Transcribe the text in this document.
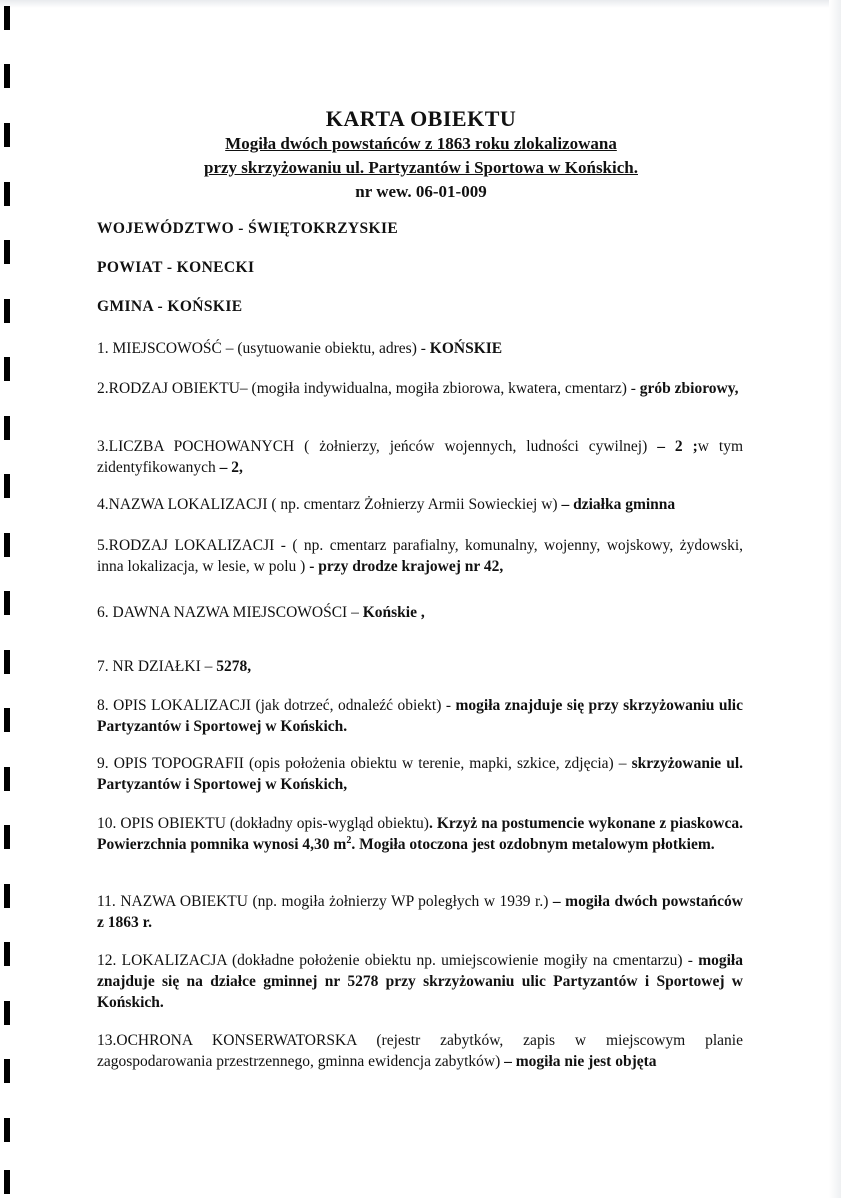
KARTA OBIEKTU
Mogiła dwóch powstańców z 1863 roku zlokalizowana
przy skrzyżowaniu ul. Partyzantów i Sportowa w Końskich.
nr wew. 06-01-009
WOJEWÓDZTWO - ŚWIĘTOKRZYSKIE
POWIAT - KONECKI
GMINA - KOŃSKIE
1. MIEJSCOWOŚĆ – (usytuowanie obiektu, adres) - KOŃSKIE
2.RODZAJ OBIEKTU– (mogiła indywidualna, mogiła zbiorowa, kwatera, cmentarz) - grób zbiorowy,
3.LICZBA POCHOWANYCH ( żołnierzy, jeńców wojennych, ludności cywilnej) – 2 ;w tym zidentyfikowanych – 2,
4.NAZWA LOKALIZACJI ( np. cmentarz Żołnierzy Armii Sowieckiej w) – działka gminna
5.RODZAJ LOKALIZACJI - ( np. cmentarz parafialny, komunalny, wojenny, wojskowy, żydowski, inna lokalizacja, w lesie, w polu ) - przy drodze krajowej nr 42,
6. DAWNA NAZWA MIEJSCOWOŚCI – Końskie ,
7. NR DZIAŁKI – 5278,
8. OPIS LOKALIZACJI (jak dotrzeć, odnaleźć obiekt) - mogiła znajduje się przy skrzyżowaniu ulic Partyzantów i Sportowej w Końskich.
9. OPIS TOPOGRAFII (opis położenia obiektu w terenie, mapki, szkice, zdjęcia) – skrzyżowanie ul. Partyzantów i Sportowej w Końskich,
10. OPIS OBIEKTU (dokładny opis-wygląd obiektu). Krzyż na postumencie wykonane z piaskowca. Powierzchnia pomnika wynosi 4,30 $m^2$. Mogiła otoczona jest ozdobnym metalowym płotkiem.
11. NAZWA OBIEKTU (np. mogiła żołnierzy WP poległych w 1939 r.) – mogiła dwóch powstańców z 1863 r.
12. LOKALIZACJA (dokładne położenie obiektu np. umiejscowienie mogiły na cmentarzu) - mogiła znajduje się na działce gminnej nr 5278 przy skrzyżowaniu ulic Partyzantów i Sportowej w Końskich.
13.OCHRONA KONSERWATORSKA (rejestr zabytków, zapis w miejscowym planie zagospodarowania przestrzennego, gminna ewidencja zabytków) – mogiła nie jest objęta
